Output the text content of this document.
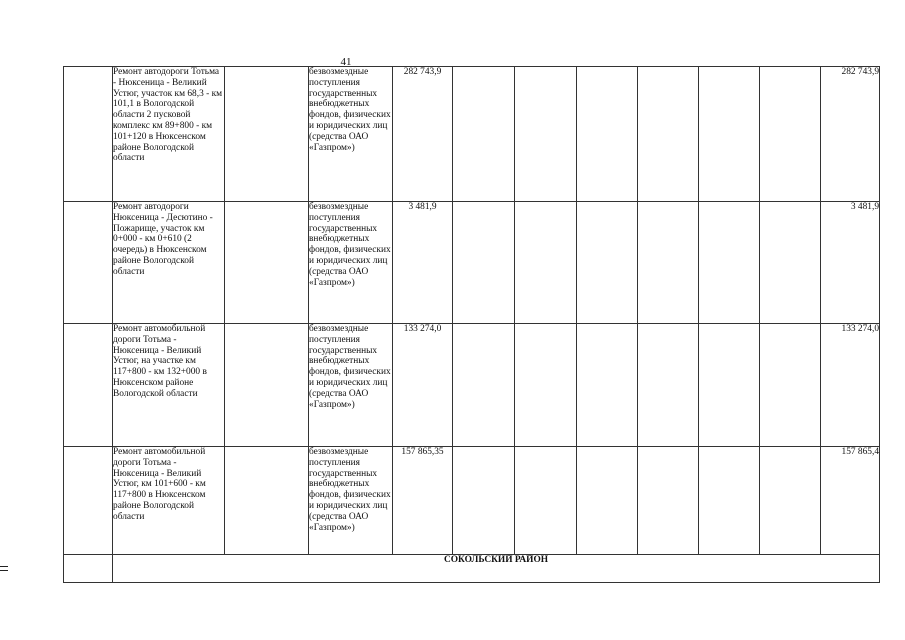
41
	Ремонт автодороги Тотьма - Нюксеница - Великий Устюг, участок км 68,3 - км 101,1 в Вологодской области 2 пусковой комплекс км 89+800 - км 101+120 в Нюксенском районе Вологодской области		безвозмездные поступления государственных внебюджетных фондов, физических и юридических лиц (средства ОАО «Газпром»)	282 743,9							282 743,9
	Ремонт автодороги Нюксеница - Десютино - Пожарище, участок км 0+000 - км 0+610 (2 очередь) в Нюксенском районе Вологодской области		безвозмездные поступления государственных внебюджетных фондов, физических и юридических лиц (средства ОАО «Газпром»)	3 481,9							3 481,9
	Ремонт автомобильной дороги Тотьма - Нюксеница - Великий Устюг, на участке км 117+800 - км 132+000 в Нюксенском районе Вологодской области		безвозмездные поступления государственных внебюджетных фондов, физических и юридических лиц (средства ОАО «Газпром»)	133 274,0							133 274,0
	Ремонт автомобильной дороги Тотьма - Нюксеница - Великий Устюг, км 101+600 - км 117+800 в Нюксенском районе Вологодской области		безвозмездные поступления государственных внебюджетных фондов, физических и юридических лиц (средства ОАО «Газпром»)	157 865,35							157 865,4
	СОКОЛЬСКИЙ РАЙОН										
